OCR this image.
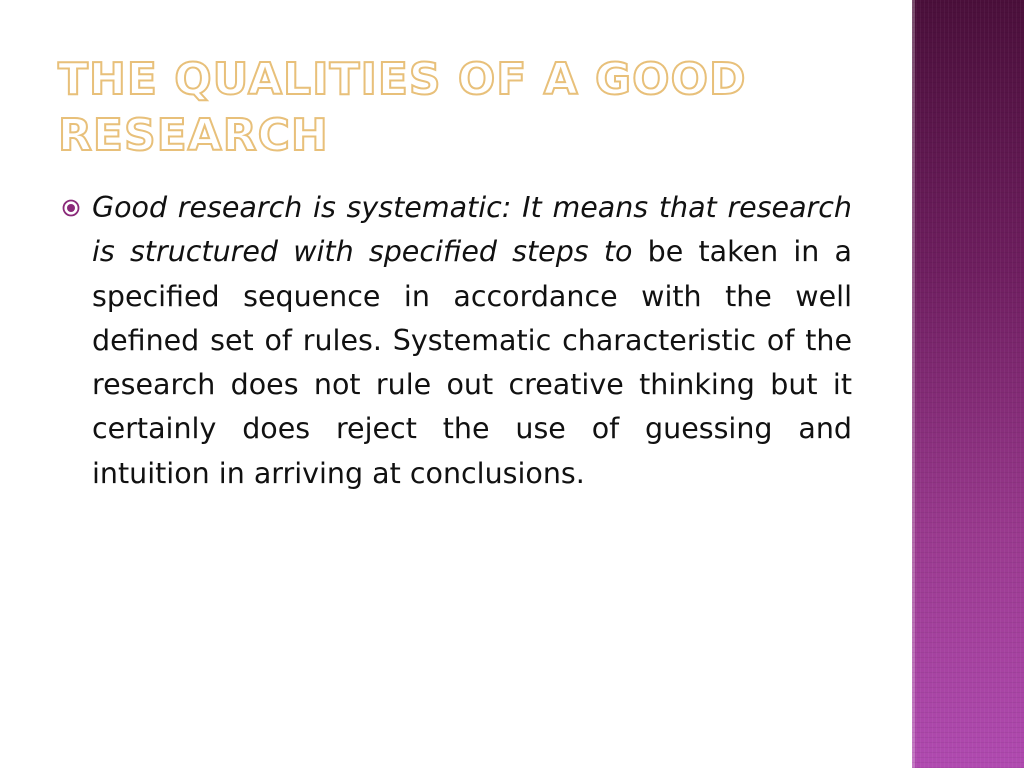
THE QUALITIES OF A GOOD RESEARCH

Good research is systematic: It means that research is structured with specified steps to be taken in a specified sequence in accordance with the well defined set of rules. Systematic characteristic of the research does not rule out creative thinking but it certainly does reject the use of guessing and intuition in arriving at conclusions.
